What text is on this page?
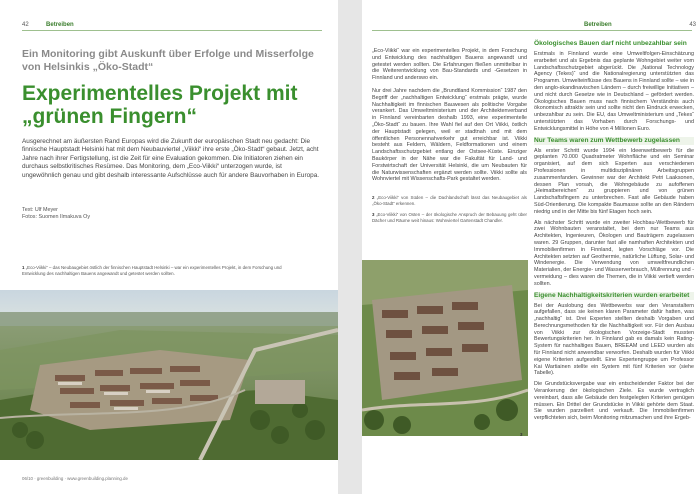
42	Betreiben
Ein Monitoring gibt Auskunft über Erfolge und Misserfolge von Helsinkis „Öko-Stadt“
Experimentelles Projekt mit „grünen Fingern“
Ausgerechnet am äußersten Rand Europas wird die Zukunft der europäischen Stadt neu gedacht: Die finnische Hauptstadt Helsinki hat mit dem Neubauviertel „Viikki“ ihre erste „Öko-Stadt“ gebaut. Jetzt, acht Jahre nach ihrer Fertigstellung, ist die Zeit für eine Evaluation gekommen. Die Initiatoren ziehen ein durchaus selbstkritisches Resümee. Das Monitoring, dem „Eco-Viikki“ unterzogen wurde, ist ungewöhnlich genau und gibt deshalb interessante Aufschlüsse auch für andere Bauvorhaben in Europa.
Text: Ulf Meyer
Fotos: Suomen Ilmakuva Oy
1 „Eco-Viikki“ – das Neubaugebiet östlich der finnischen Hauptstadt Helsinki – war ein experimentelles Projekt, in dem Forschung und Entwicklung des nachhaltigen Bauens angewandt und getestet werden sollten.
06/10 · greenbuilding · www.greenbuilding.planning.de
Betreiben	43

„Eco-Viikki“ war ein experimentelles Projekt, in dem Forschung und Entwicklung des nachhaltigen Bauens angewandt und getestet werden sollten. Die Erfahrungen fließen unmittelbar in die Weiterentwicklung von Bau-Standards und -Gesetzen in Finnland und anderswo ein.

Nur drei Jahre nachdem die „Brundtland Kommission“ 1987 den Begriff der „nachhaltigen Entwicklung“ erstmals prägte, wurde Nachhaltigkeit im finnischen Bauwesen als politische Vorgabe verankert. Das Umweltministerium und der Architektenverband in Finnland vereinbarten deshalb 1993, eine experimentelle „Öko-Stadt“ zu bauen. Ihre Wahl fiel auf den Ort Viikki, östlich der Hauptstadt gelegen, weil er stadtnah und mit dem öffentlichen Personennahverkehr gut erreichbar ist. Viikki besteht aus Feldern, Wäldern, Feldformationen und einem Landschaftsschutzgebiet entlang der Ostsee-Küste. Einziger Baukörper in der Nähe war die Fakultät für Land- und Forstwirtschaft der Universität Helsinki, die um Neubauten für die Naturwissenschaften ergänzt werden sollte. Viikki sollte als Wohnviertel mit Wissenschafts-Park gestaltet werden.

2 „Eco-Viikki“ von Süden – die Dachlandschaft lässt das Neubaugebiet als „Öko-Stadt“ erkennen.
3 „Eco-Viikki“ von Osten – der ökologische Anspruch der Bebauung geht über Dächer und Räume weit hinaus: Wohnviertel Gartenstadt Chandler.
3
Ökologisches Bauen darf nicht unbezahlbar sein

Erstmals in Finnland wurde eine Umweltfolgen-Einschätzung erarbeitet und als Ergebnis das geplante Wohngebiet weiter vom Landschaftsschutzgebiet abgerückt. Die „National Technology Agency (Tekes)“ und die Nationalregierung unterstützten das Programm. Umwelteinflüsse des Bauens in Finnland sollte – wie in den anglo-skandinavischen Ländern – durch freiwillige Initiativen – und nicht durch Gesetze wie in Deutschland – gefördert werden. Ökologisches Bauen muss nach finnischem Verständnis auch ökonomisch attraktiv sein und sollte nicht den Eindruck erwecken, unbezahlbar zu sein. Die EU, das Umweltministerium und „Tekes“ unterstützten das Vorhaben durch Forschungs- und Entwicklungsmittel in Höhe von 4 Millionen Euro.

Nur Teams waren zum Wettbewerb zugelassen

Als erster Schritt wurde 1994 ein Ideenwettbewerb für die geplanten 70.000 Quadratmeter Wohnfläche und ein Seminar organisiert, auf dem sich Experten aus verschiedenen Professionen in multidisziplinären Arbeitsgruppen zusammenfanden. Gewinner war der Architekt Petri Laaksonen, dessen Plan vorsah, die Wohngebäude zu aufoffenen „Heimatbereichen“ zu gruppieren und von grünen Landschaftsfingern zu unterbrechen. Fast alle Gebäude haben Süd-Orientierung. Die kompakte Baumasse sollte an den Rändern niedrig und in der Mitte bis fünf Etagen hoch sein.

Als nächster Schritt wurde ein zweiter Hochbau-Wettbewerb für zwei Wohnbauten veranstaltet, bei dem nur Teams aus Architekten, Ingenieuren, Ökologen und Bauträgern zugelassen waren. 29 Gruppen, darunter fast alle namhaften Architekten und Immobilienfirmen in Finnland, legten Vorschläge vor. Die Architekten setzten auf Geothermie, natürliche Lüftung, Solar- und Windenergie. Die Verwendung von umweltfreundlichen Materialien, der Energie- und Wasserverbrauch, Müllrennung und -vermeidung – dies waren die Themen, die in Viikki vertieft werden sollten.

Eigene Nachhaltigkeitskriterien wurden erarbeitet

Bei der Auslobung des Wettbewerbs war den Veranstaltern aufgefallen, dass sie keinen klaren Parameter dafür hatten, was „nachhaltig“ ist. Drei Experten stellten deshalb Vorgaben und Berechnungsmethoden für die Nachhaltigkeit vor. Für den Ausbau von Viikki zur ökologischen Vorzeige-Stadt mussten Bewertungskriterien her. In Finnland gab es damals kein Rating-System für nachhaltiges Bauen, BREEAM und LEED wurden als für Finnland nicht anwendbar verworfen. Deshalb wurden für Viikki eigene Kriterien aufgestellt. Eine Expertengruppe um Professor Kai Wartiainen stellte ein System mit fünf Kriterien vor (siehe Tabelle).

Die Grundstücksvergabe war ein entscheidender Faktor bei der Verankerung der ökologischen Ziele. Es wurde vertraglich vereinbart, dass alle Gebäude den festgelegten Kriterien genügen müssen. Ein Drittel der Grundstücke in Viikki gehörte dem Staat. Sie wurden parzelliert und verkauft. Die Immobilienfirmen verpflichteten sich, beim Monitoring mitzumachen und ihre Ergeb-
